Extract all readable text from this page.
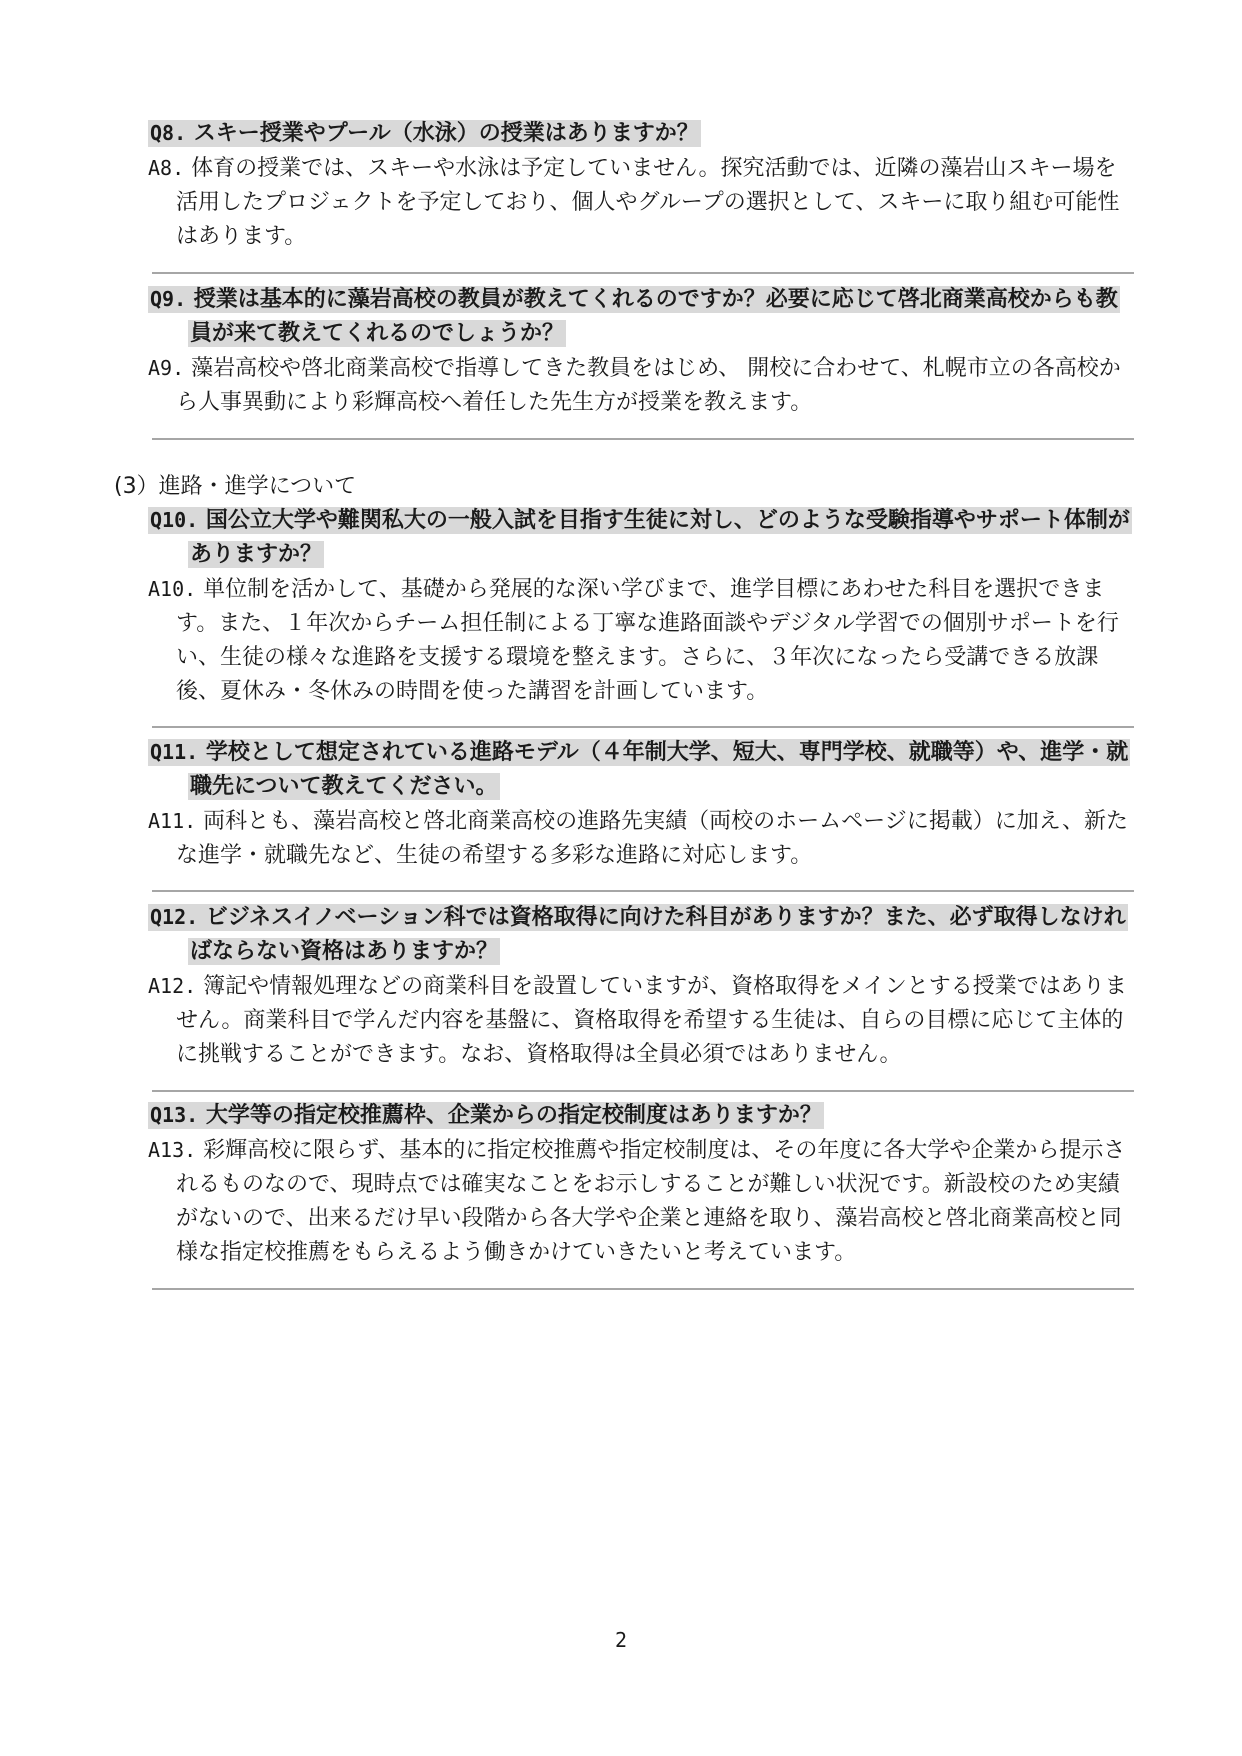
Q8. スキー授業やプール（水泳）の授業はありますか？
A8. 体育の授業では、スキーや水泳は予定していません。探究活動では、近隣の藻岩山スキー場を活用したプロジェクトを予定しており、個人やグループの選択として、スキーに取り組む可能性はあります。
Q9. 授業は基本的に藻岩高校の教員が教えてくれるのですか？必要に応じて啓北商業高校からも教員が来て教えてくれるのでしょうか？
A9. 藻岩高校や啓北商業高校で指導してきた教員をはじめ、 開校に合わせて、札幌市立の各高校から人事異動により彩輝高校へ着任した先生方が授業を教えます。
(3）進路・進学について
Q10. 国公立大学や難関私大の一般入試を目指す生徒に対し、どのような受験指導やサポート体制がありますか？
A10. 単位制を活かして、基礎から発展的な深い学びまで、進学目標にあわせた科目を選択できます。また、１年次からチーム担任制による丁寧な進路面談やデジタル学習での個別サポートを行い、生徒の様々な進路を支援する環境を整えます。さらに、３年次になったら受講できる放課後、夏休み・冬休みの時間を使った講習を計画しています。
Q11. 学校として想定されている進路モデル（４年制大学、短大、専門学校、就職等）や、進学・就職先について教えてください。
A11. 両科とも、藻岩高校と啓北商業高校の進路先実績（両校のホームページに掲載）に加え、新たな進学・就職先など、生徒の希望する多彩な進路に対応します。
Q12. ビジネスイノベーション科では資格取得に向けた科目がありますか？また、必ず取得しなければならない資格はありますか？
A12. 簿記や情報処理などの商業科目を設置していますが、資格取得をメインとする授業ではありません。商業科目で学んだ内容を基盤に、資格取得を希望する生徒は、自らの目標に応じて主体的に挑戦することができます。なお、資格取得は全員必須ではありません。
Q13. 大学等の指定校推薦枠、企業からの指定校制度はありますか？
A13. 彩輝高校に限らず、基本的に指定校推薦や指定校制度は、その年度に各大学や企業から提示されるものなので、現時点では確実なことをお示しすることが難しい状況です。新設校のため実績がないので、出来るだけ早い段階から各大学や企業と連絡を取り、藻岩高校と啓北商業高校と同様な指定校推薦をもらえるよう働きかけていきたいと考えています。
2
